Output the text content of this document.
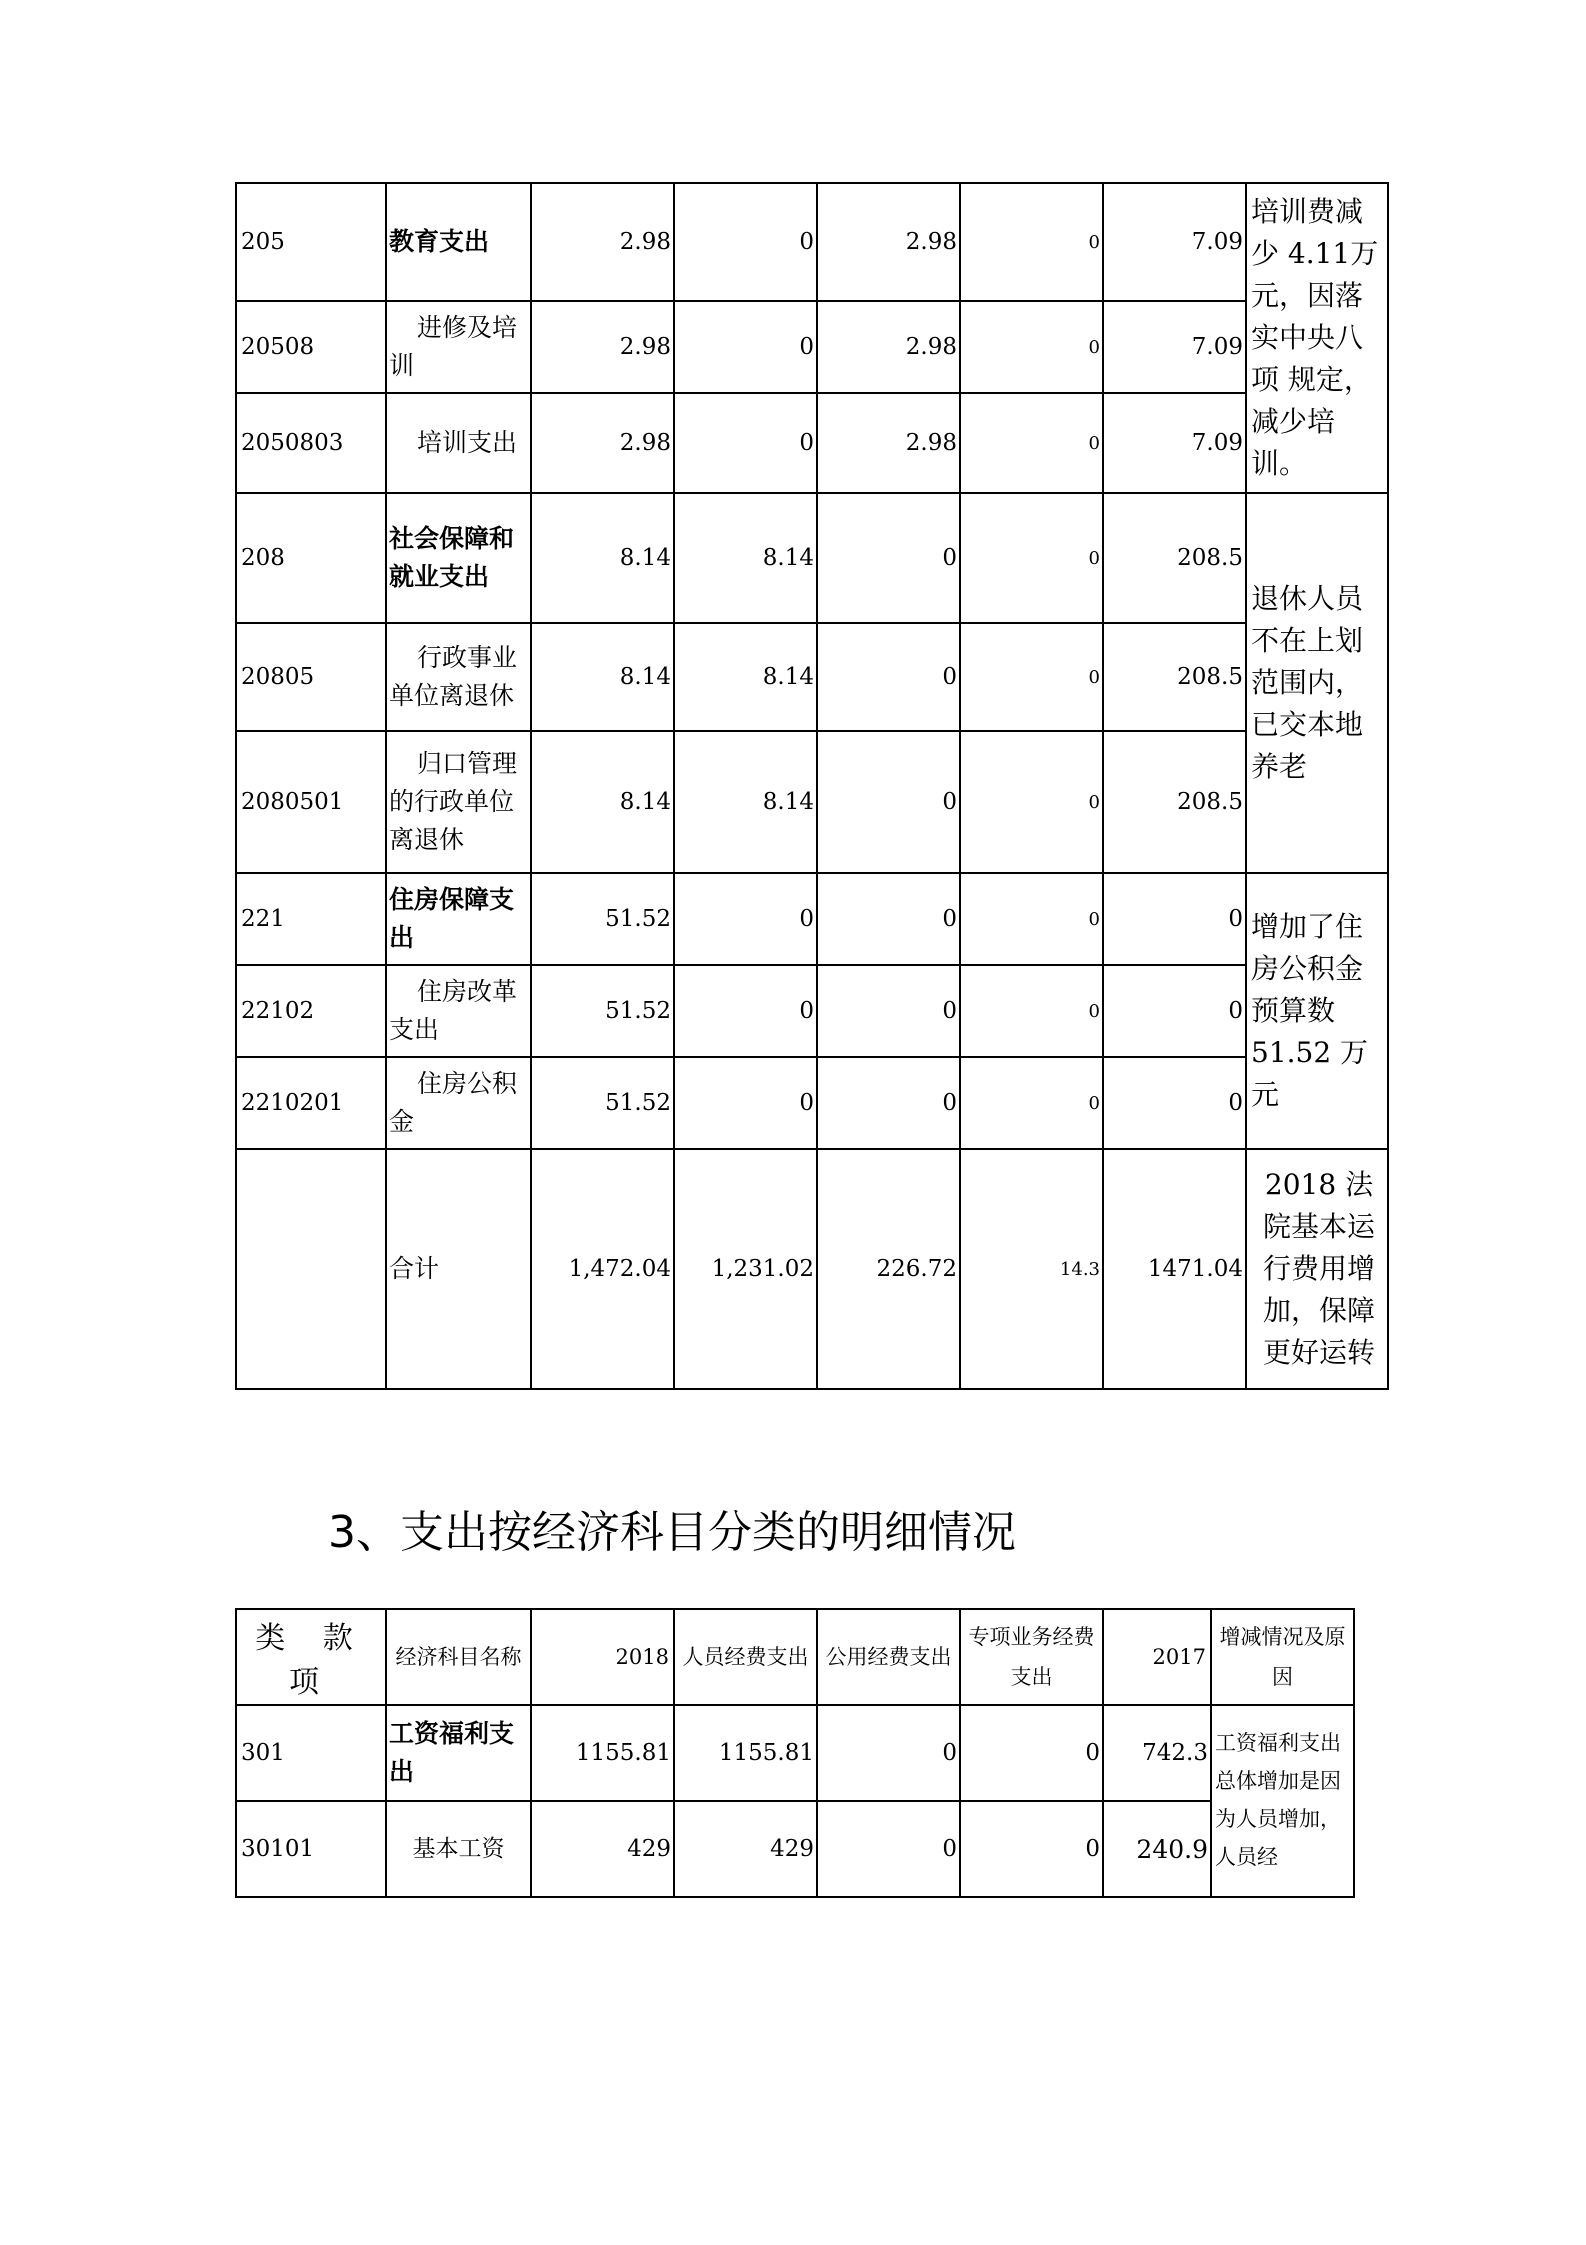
205	教育支出	2.98	0	2.98	0	7.09	培训费减少 4.11万元，因落实中央八 项 规定，减少培训。
20508	进修及培训	2.98	0	2.98	0	7.09	
2050803	培训支出	2.98	0	2.98	0	7.09	
208	社会保障和就业支出	8.14	8.14	0	0	208.5	退休人员不在上划范围内，已交本地养老
20805	行政事业单位离退休	8.14	8.14	0	0	208.5	
2080501	归口管理的行政单位离退休	8.14	8.14	0	0	208.5	
221	住房保障支出	51.52	0	0	0	0	增加了住房公积金预算数51.52 万元
22102	住房改革支出	51.52	0	0	0	0	
2210201	住房公积金	51.52	0	0	0	0	
	合计	1,472.04	1,231.02	226.72	14.3	1471.04	2018 法院基本运行费用增加，保障更好运转
3、支出按经济科目分类的明细情况
类 款 项	经济科目名称	2018	人员经费支出	公用经费支出	专项业务经费支出	2017	增减情况及原因
301	工资福利支出	1155.81	1155.81	0	0	742.3	工资福利支出总体增加是因为人员增加，人员经
30101	基本工资	429	429	0	0	240.9	
